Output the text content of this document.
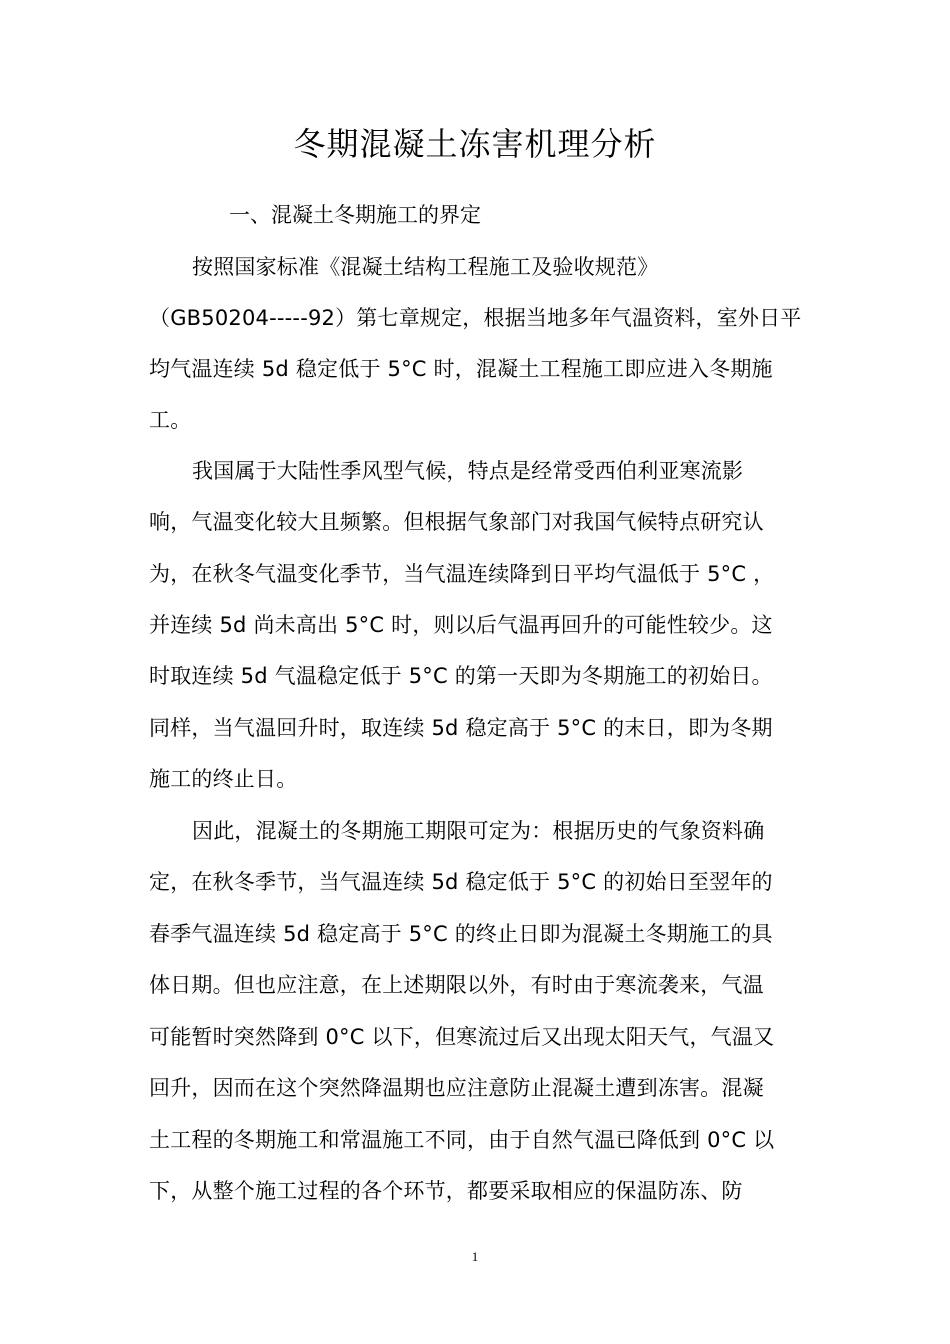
冬期混凝土冻害机理分析
一、混凝土冬期施工的界定
按照国家标准《混凝土结构工程施工及验收规范》
（GB50204-----92）第七章规定，根据当地多年气温资料，室外日平
均气温连续 5d 稳定低于 5°C 时，混凝土工程施工即应进入冬期施
工。
我国属于大陆性季风型气候，特点是经常受西伯利亚寒流影
响，气温变化较大且频繁。但根据气象部门对我国气候特点研究认
为，在秋冬气温变化季节，当气温连续降到日平均气温低于 5°C ，
并连续 5d 尚未高出 5°C 时，则以后气温再回升的可能性较少。这
时取连续 5d 气温稳定低于 5°C 的第一天即为冬期施工的初始日。
同样，当气温回升时，取连续 5d 稳定高于 5°C 的末日，即为冬期
施工的终止日。
因此，混凝土的冬期施工期限可定为：根据历史的气象资料确
定，在秋冬季节，当气温连续 5d 稳定低于 5°C 的初始日至翌年的
春季气温连续 5d 稳定高于 5°C 的终止日即为混凝土冬期施工的具
体日期。但也应注意，在上述期限以外，有时由于寒流袭来，气温
可能暂时突然降到 0°C 以下，但寒流过后又出现太阳天气，气温又
回升，因而在这个突然降温期也应注意防止混凝土遭到冻害。混凝
土工程的冬期施工和常温施工不同，由于自然气温已降低到 0°C 以
下，从整个施工过程的各个环节，都要采取相应的保温防冻、防
1
